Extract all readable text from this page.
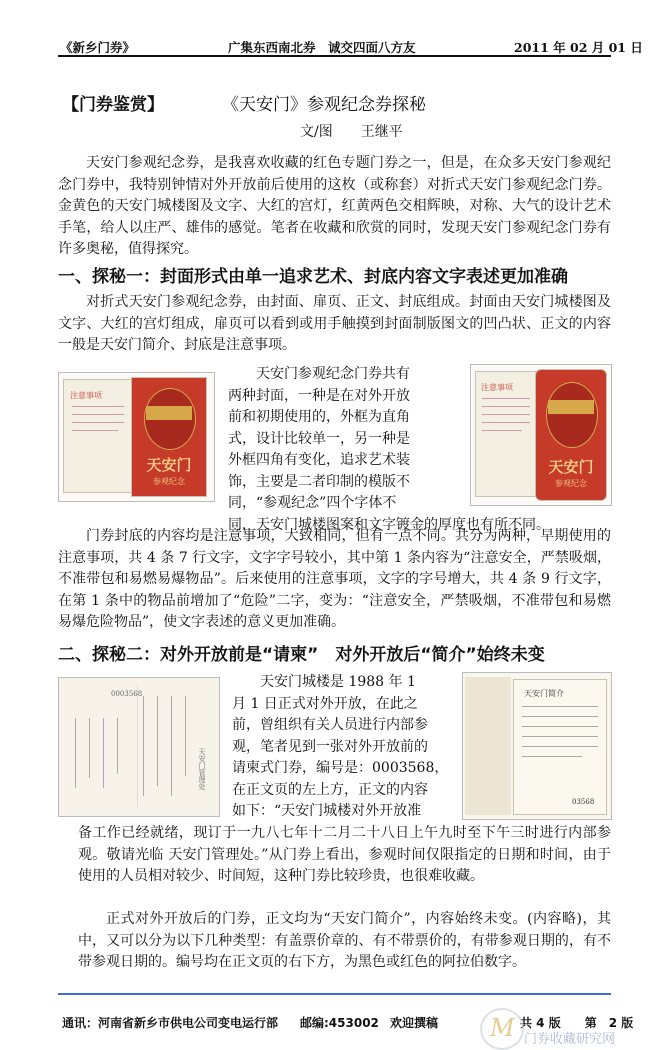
《新乡门券》	广集东西南北券　诚交四面八方友	2011 年 02 月 01 日
【门券鉴赏】	《天安门》参观纪念券探秘
文/图　　王继平

天安门参观纪念券，是我喜欢收藏的红色专题门券之一，但是，在众多天安门参观纪念门券中，我特别钟情对外开放前后使用的这枚（或称套）对折式天安门参观纪念门券。金黄色的天安门城楼图及文字、大红的宫灯，红黄两色交相辉映，对称、大气的设计艺术手笔，给人以庄严、雄伟的感觉。笔者在收藏和欣赏的同时，发现天安门参观纪念门券有许多奥秘，值得探究。

一、探秘一：封面形式由单一追求艺术、封底内容文字表述更加准确

对折式天安门参观纪念券，由封面、扉页、正文、封底组成。封面由天安门城楼图及文字、大红的宫灯组成，扉页可以看到或用手触摸到封面制版图文的凹凸状、正文的内容一般是天安门简介、封底是注意事项。

注意事项
天安门
参观纪念
注意事项
天安门
参观纪念
天安门参观纪念门券共有
两种封面，一种是在对外开放
前和初期使用的，外框为直角
式，设计比较单一，另一种是
外框四角有变化，追求艺术装
饰，主要是二者印制的模版不
同，“参观纪念”四个字体不
同，天安门城楼图案和文字镀金的厚度也有所不同。

门券封底的内容均是注意事项，大致相同，但有一点不同。共分为两种，早期使用的注意事项，共 4 条 7 行文字，文字字号较小，其中第 1 条内容为“注意安全，严禁吸烟，不准带包和易燃易爆物品”。后来使用的注意事项，文字的字号增大，共 4 条 9 行文字，在第 1 条中的物品前增加了“危险”二字，变为：“注意安全，严禁吸烟，不准带包和易燃易爆危险物品”，使文字表述的意义更加准确。

二、探秘二：对外开放前是“请柬”　对外开放后“简介”始终未变
0003568
天安门管理处
天安门简介
03568
天安门城楼是 1988 年 1
月 1 日正式对外开放，在此之
前，曾组织有关人员进行内部参
观，笔者见到一张对外开放前的
请柬式门券，编号是：0003568，
在正文页的左上方，正文的内容
如下：“天安门城楼对外开放准

备工作已经就绪，现订于一九八七年十二月二十八日上午九时至下午三时进行内部参观。敬请光临 天安门管理处。”从门券上看出，参观时间仅限指定的日期和时间，由于使用的人员相对较少、时间短，这种门券比较珍贵，也很难收藏。

正式对外开放后的门券，正文均为“天安门简介”，内容始终未变。(内容略)，其中，又可以分为以下几种类型：有盖票价章的、有不带票价的，有带参观日期的，有不带参观日期的。编号均在正文页的右下方，为黑色或红色的阿拉伯数字。

通讯：河南省新乡市供电公司变电运行部 邮编:453002 欢迎撰稿	共 4 版　　第　2 版
M 门券收藏研究网
